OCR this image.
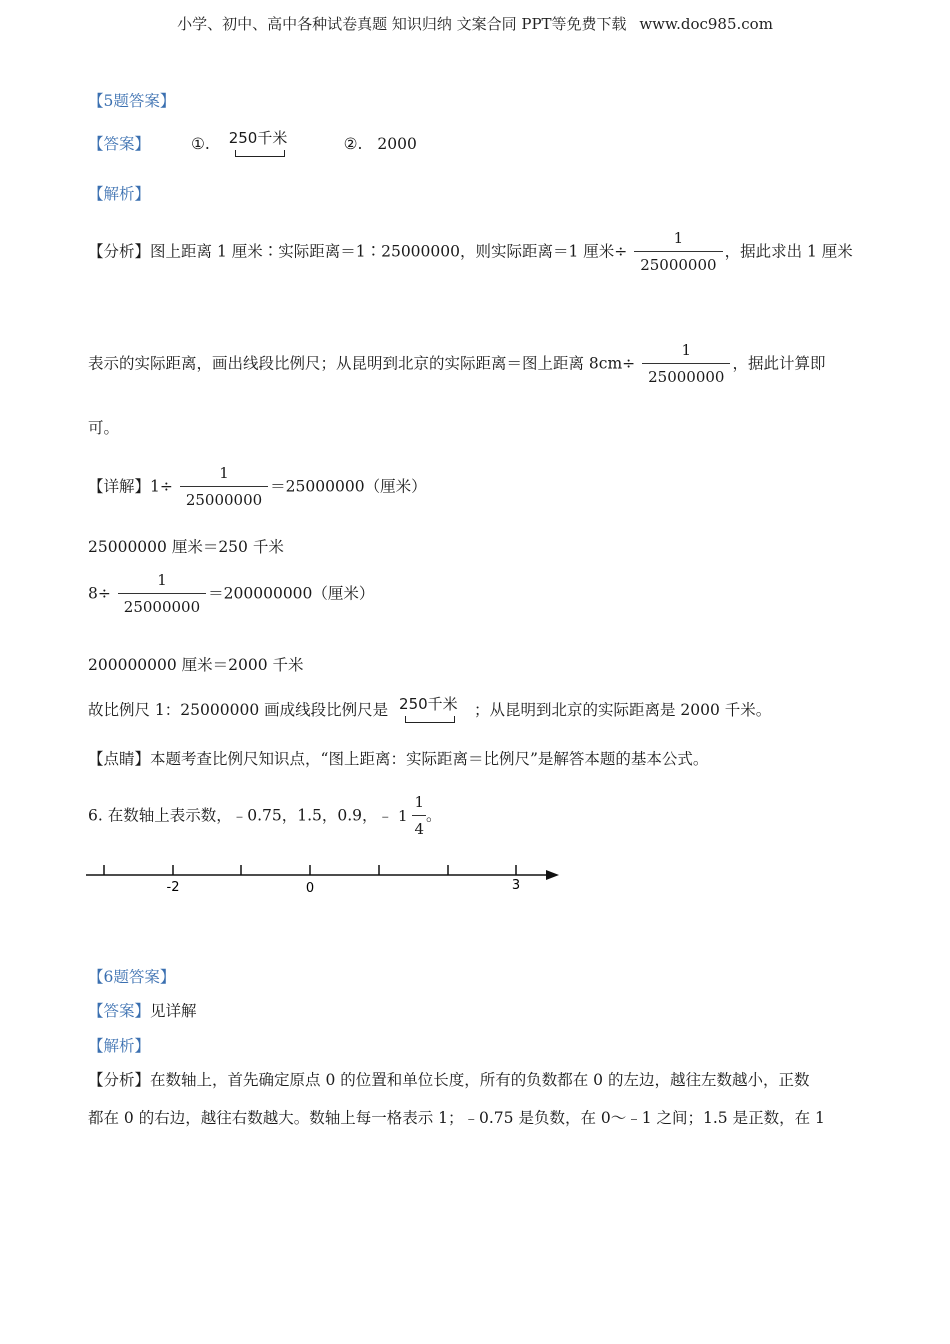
小学、初中、高中各种试卷真题 知识归纳 文案合同 PPT等免费下载 www.doc985.com
【5题答案】
【答案】	①. 250千米	②. 2000
【解析】
【分析】图上距离 1 厘米∶实际距离＝1∶25000000，则实际距离＝1 厘米÷ $\frac{1}{25000000}$ ，据此求出 1 厘米
表示的实际距离，画出线段比例尺；从昆明到北京的实际距离＝图上距离 $8cm\div \frac{1}{25000000}$ ，据此计算即
可。
【详解】$1\div \frac{1}{25000000} =25000000$（厘米）
25000000 厘米＝250 千米
$8\div \frac{1}{25000000} =200000000$（厘米）
200000000 厘米＝2000 千米
故比例尺 1：25000000 画成线段比例尺是 250千米 ；从昆明到北京的实际距离是 2000 千米。
【点睛】本题考查比例尺知识点，“图上距离：实际距离＝比例尺”是解答本题的基本公式。
6. 在数轴上表示数，﹣0.75，1.5，0.9，﹣ $1 \frac{1}{4}$ 。
-2	0	3
【6题答案】
【答案】见详解
【解析】
【分析】在数轴上，首先确定原点 0 的位置和单位长度，所有的负数都在 0 的左边，越往左数越小，正数
都在 0 的右边，越往右数越大。数轴上每一格表示 1；﹣0.75 是负数，在 0～﹣1 之间；1.5 是正数，在 1
